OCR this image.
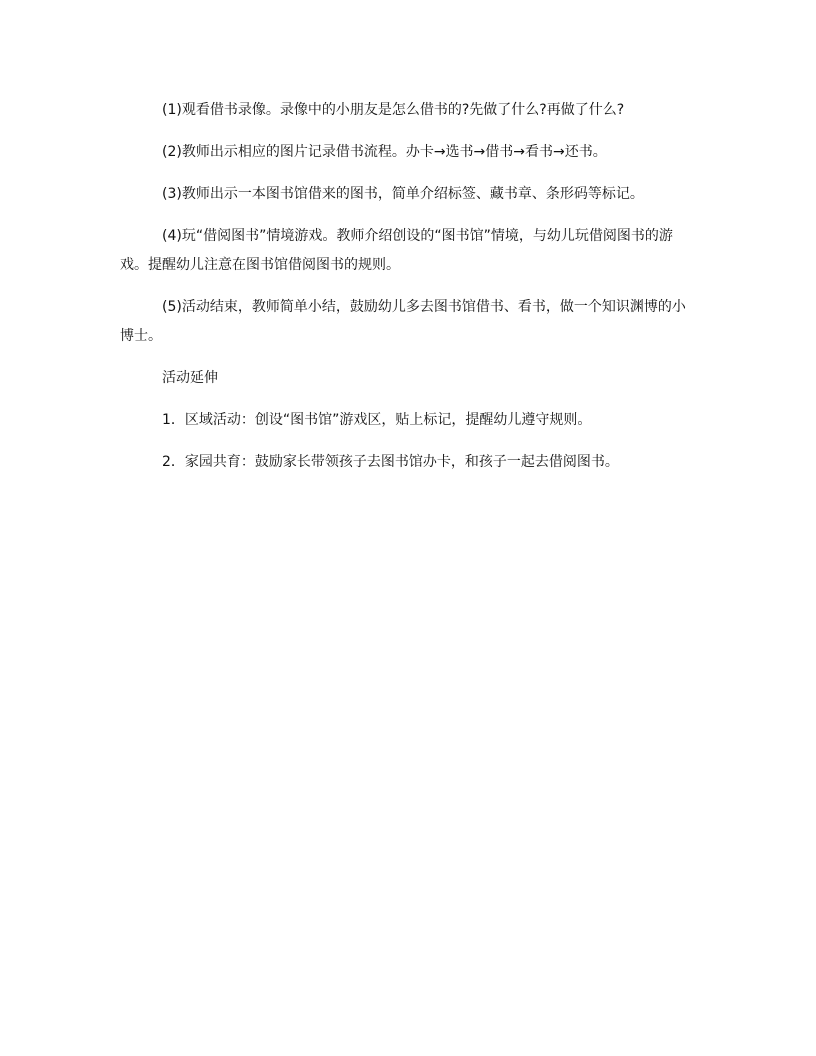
(1)观看借书录像。录像中的小朋友是怎么借书的?先做了什么?再做了什么?

(2)教师出示相应的图片记录借书流程。办卡→选书→借书→看书→还书。

(3)教师出示一本图书馆借来的图书，简单介绍标签、藏书章、条形码等标记。

(4)玩“借阅图书”情境游戏。教师介绍创设的“图书馆”情境，与幼儿玩借阅图书的游戏。提醒幼儿注意在图书馆借阅图书的规则。

(5)活动结束，教师简单小结，鼓励幼儿多去图书馆借书、看书，做一个知识渊博的小博士。

活动延伸

1．区域活动：创设“图书馆”游戏区，贴上标记，提醒幼儿遵守规则。

2．家园共育：鼓励家长带领孩子去图书馆办卡，和孩子一起去借阅图书。
